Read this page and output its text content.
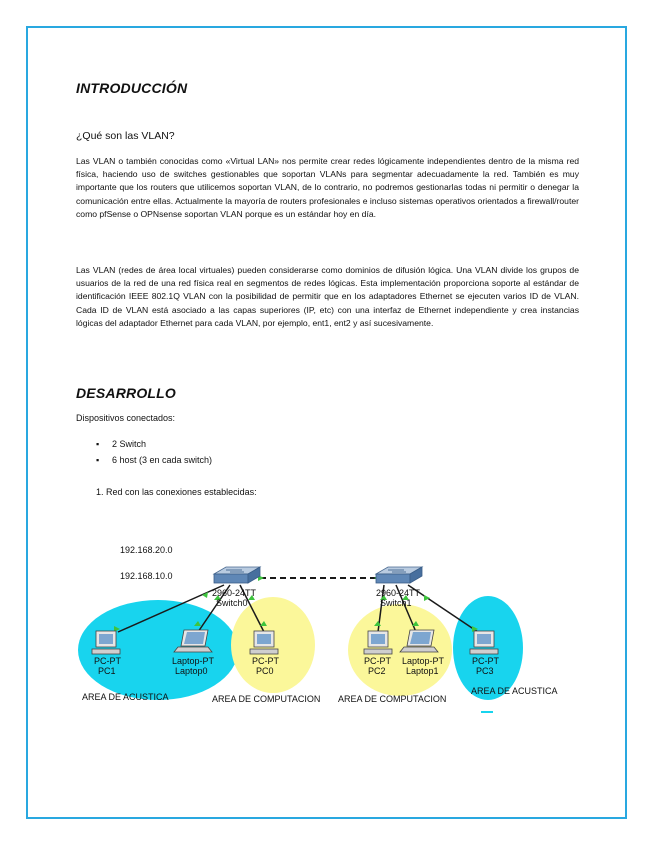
INTRODUCCIÓN
¿Qué son las VLAN?
Las VLAN o también conocidas como «Virtual LAN» nos permite crear redes lógicamente independientes dentro de la misma red física, haciendo uso de switches gestionables que soportan VLANs para segmentar adecuadamente la red. También es muy importante que los routers que utilicemos soportan VLAN, de lo contrario, no podremos gestionarlas todas ni permitir o denegar la comunicación entre ellas. Actualmente la mayoría de routers profesionales e incluso sistemas operativos orientados a firewall/router como pfSense o OPNsense soportan VLAN porque es un estándar hoy en día.
Las VLAN (redes de área local virtuales) pueden considerarse como dominios de difusión lógica. Una VLAN divide los grupos de usuarios de la red de una red física real en segmentos de redes lógicas. Esta implementación proporciona soporte al estándar de identificación IEEE 802.1Q VLAN con la posibilidad de permitir que en los adaptadores Ethernet se ejecuten varios ID de VLAN. Cada ID de VLAN está asociado a las capas superiores (IP, etc) con una interfaz de Ethernet independiente y crea instancias lógicas del adaptador Ethernet para cada VLAN, por ejemplo, ent1, ent2 y así sucesivamente.
DESARROLLO
Dispositivos conectados:
▪ 2 Switch
▪ 6 host (3 en cada switch)
1. Red con las conexiones establecidas:
192.168.20.0
192.168.10.0
2960-24TT
Switch0
2960-24TT
Switch1
PC-PT
PC1
Laptop-PT
Laptop0
PC-PT
PC0
PC-PT
PC2
Laptop-PT
Laptop1
PC-PT
PC3
AREA DE ACUSTICA	AREA DE COMPUTACION AREA DE COMPUTACION
AREA DE ACUSTICA
